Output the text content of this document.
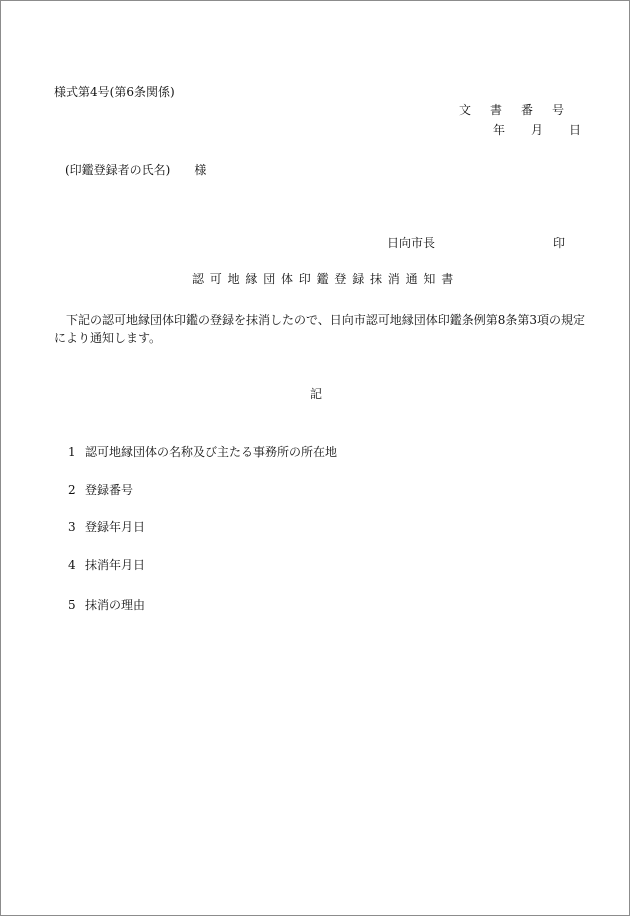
様式第4号(第6条関係)
文書番号
年月日
(印鑑登録者の氏名)　　様
日向市長	印
認可地縁団体印鑑登録抹消通知書
　下記の認可地縁団体印鑑の登録を抹消したので、日向市認可地縁団体印鑑条例第8条第3項の規定
により通知します。
記
1 認可地縁団体の名称及び主たる事務所の所在地
2 登録番号
3 登録年月日
4 抹消年月日
5 抹消の理由
